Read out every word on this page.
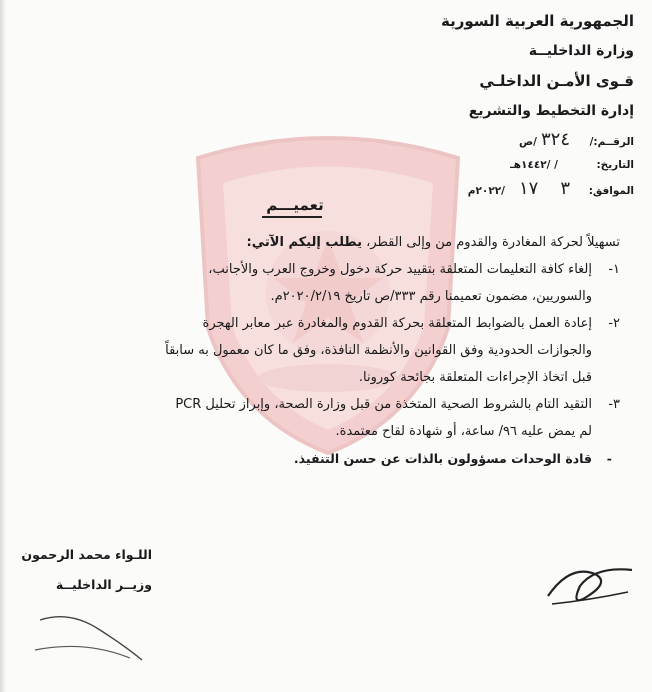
الجمهورية العربية السورية
وزارة الداخليــة
قـوى الأمـن الداخلـي
إدارة التخطيط والتشريع
الرقــم:/
٣٢٤
/ص
التاريخ:
/ /١٤٤٢هـ
الموافق:
٣
١٧
/٢٠٢٢م
تعميـــم
تسهيلاً لحركة المغادرة والقدوم من وإلى القطر، يطلب إليكم الآتي:
١-
إلغاء كافة التعليمات المتعلقة بتقييد حركة دخول وخروج العرب والأجانب،
والسوريين، مضمون تعميمنا رقم ٣٣٣/ص تاريخ ٢٠٢٠/٢/١٩م.
٢-
إعادة العمل بالضوابط المتعلقة بحركة القدوم والمغادرة عبر معابر الهجرة
والجوازات الحدودية وفق القوانين والأنظمة النافذة، وفق ما كان معمول به سابقاً
قبل اتخاذ الإجراءات المتعلقة بجائحة كورونا.
٣-
التقيد التام بالشروط الصحية المتخذة من قبل وزارة الصحة، وإبراز تحليل PCR
لم يمض عليه ٩٦/ ساعة، أو شهادة لقاح معتمدة.
-قادة الوحدات مسؤولون بالذات عن حسن التنفيذ.
اللـواء محمد الرحمون
وزيــر الداخليــة
